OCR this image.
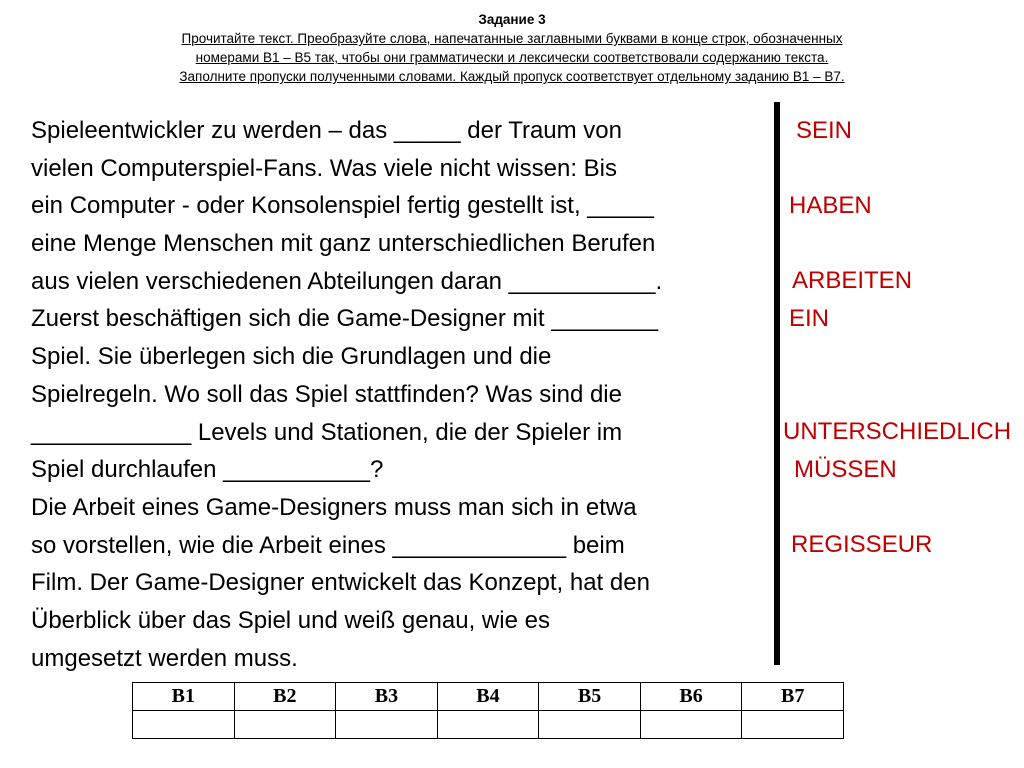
Задание 3
Прочитайте текст. Преобразуйте слова, напечатанные заглавными буквами в конце строк, обозначенных
номерами В1 – В5 так, чтобы они грамматически и лексически соответствовали содержанию текста.
Заполните пропуски полученными словами. Каждый пропуск соответствует отдельному заданию В1 – В7.
Spieleentwickler zu werden – das _____ der Traum von
vielen Computerspiel-Fans. Was viele nicht wissen: Bis
ein Computer - oder Konsolenspiel fertig gestellt ist, _____
eine Menge Menschen mit ganz unterschiedlichen Berufen
aus vielen verschiedenen Abteilungen daran ___________.
Zuerst beschäftigen sich die Game-Designer mit ________
Spiel. Sie überlegen sich die Grundlagen und die
Spielregeln. Wo soll das Spiel stattfinden? Was sind die
____________ Levels und Stationen, die der Spieler im
Spiel durchlaufen ___________?
Die Arbeit eines Game-Designers muss man sich in etwa
so vorstellen, wie die Arbeit eines _____________ beim
Film. Der Game-Designer entwickelt das Konzept, hat den
Überblick über das Spiel und weiß genau, wie es
umgesetzt werden muss.
SEIN
HABEN
ARBEITEN
EIN
UNTERSCHIEDLICH
MÜSSEN
REGISSEUR
B1	B2	B3	B4	B5	B6	B7
